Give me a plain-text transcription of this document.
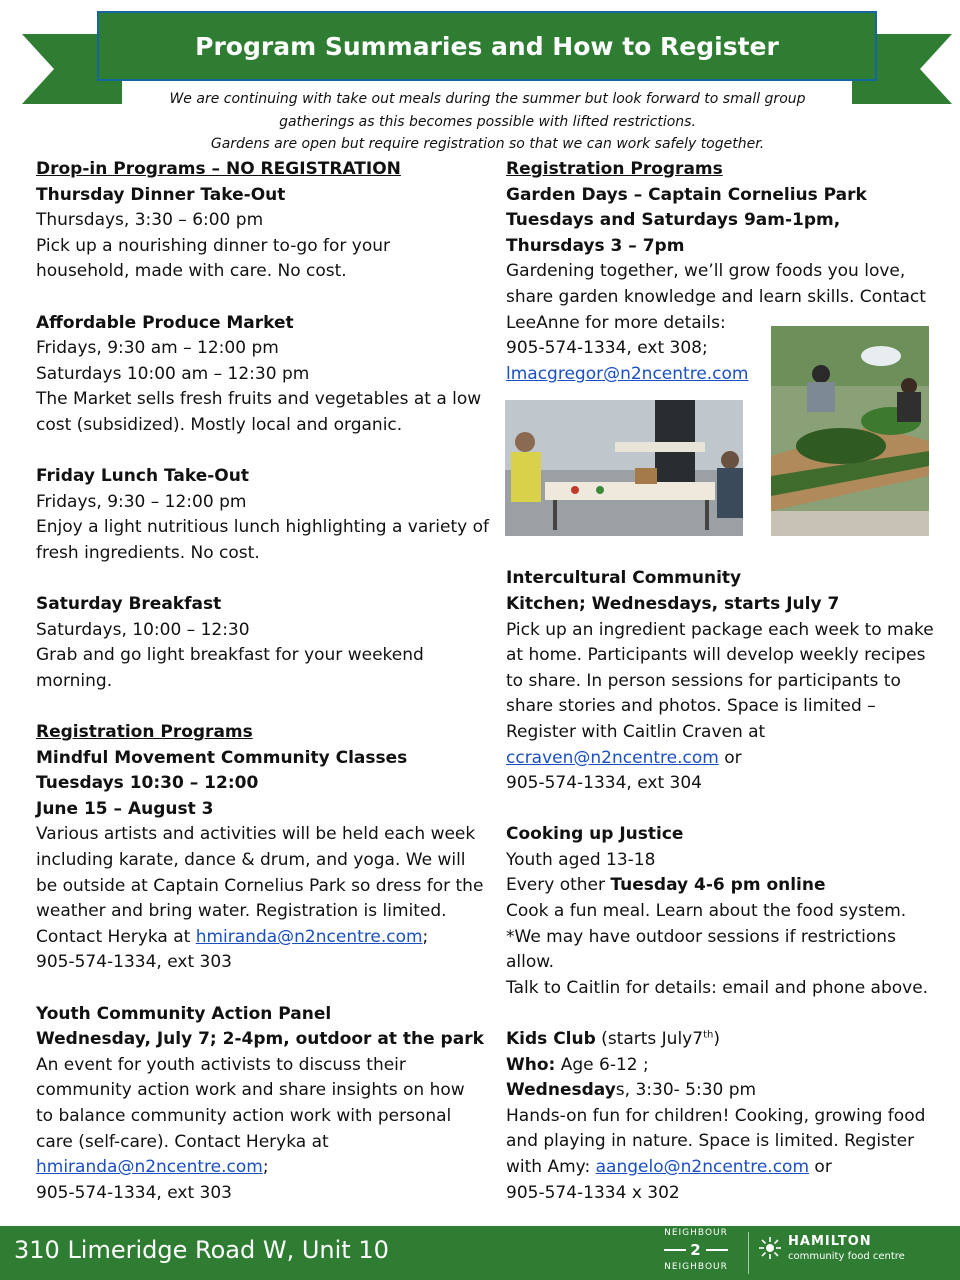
Program Summaries and How to Register
We are continuing with take out meals during the summer but look forward to small group
gatherings as this becomes possible with lifted restrictions.
Gardens are open but require registration so that we can work safely together.

Drop-in Programs – NO REGISTRATION

Thursday Dinner Take-Out

Thursdays, 3:30 – 6:00 pm

Pick up a nourishing dinner to-go for your

household, made with care. No cost.

Affordable Produce Market

Fridays, 9:30 am – 12:00 pm

Saturdays 10:00 am – 12:30 pm

The Market sells fresh fruits and vegetables at a low

cost (subsidized). Mostly local and organic.

Friday Lunch Take-Out

Fridays, 9:30 – 12:00 pm

Enjoy a light nutritious lunch highlighting a variety of

fresh ingredients. No cost.

Saturday Breakfast

Saturdays, 10:00 – 12:30

Grab and go light breakfast for your weekend

morning.

Registration Programs

Mindful Movement Community Classes

Tuesdays 10:30 – 12:00

June 15 – August 3

Various artists and activities will be held each week

including karate, dance & drum, and yoga. We will

be outside at Captain Cornelius Park so dress for the

weather and bring water. Registration is limited.

Contact Heryka at hmiranda@n2ncentre.com;

905-574-1334, ext 303

Youth Community Action Panel

Wednesday, July 7; 2-4pm, outdoor at the park

An event for youth activists to discuss their

community action work and share insights on how

to balance community action work with personal

care (self-care). Contact Heryka at

hmiranda@n2ncentre.com;

905-574-1334, ext 303

Registration Programs

Garden Days – Captain Cornelius Park

Tuesdays and Saturdays 9am-1pm,

Thursdays 3 – 7pm

Gardening together, we’ll grow foods you love,

share garden knowledge and learn skills. Contact

LeeAnne for more details:

905-574-1334, ext 308;

lmacgregor@n2ncentre.com

Intercultural Community

Kitchen; Wednesdays, starts July 7

Pick up an ingredient package each week to make

at home. Participants will develop weekly recipes

to share. In person sessions for participants to

share stories and photos. Space is limited –

Register with Caitlin Craven at

ccraven@n2ncentre.com or

905-574-1334, ext 304

Cooking up Justice

Youth aged 13-18

Every other Tuesday 4-6 pm online

Cook a fun meal. Learn about the food system.

*We may have outdoor sessions if restrictions

allow.

Talk to Caitlin for details: email and phone above.

Kids Club (starts July7th)

Who: Age 6-12 ;

Wednesdays, 3:30- 5:30 pm

Hands-on fun for children! Cooking, growing food

and playing in nature. Space is limited. Register

with Amy: aangelo@n2ncentre.com or

905-574-1334 x 302

310 Limeridge Road W, Unit 10
NEIGHBOUR
2
NEIGHBOUR
HAMILTON
community food centre
